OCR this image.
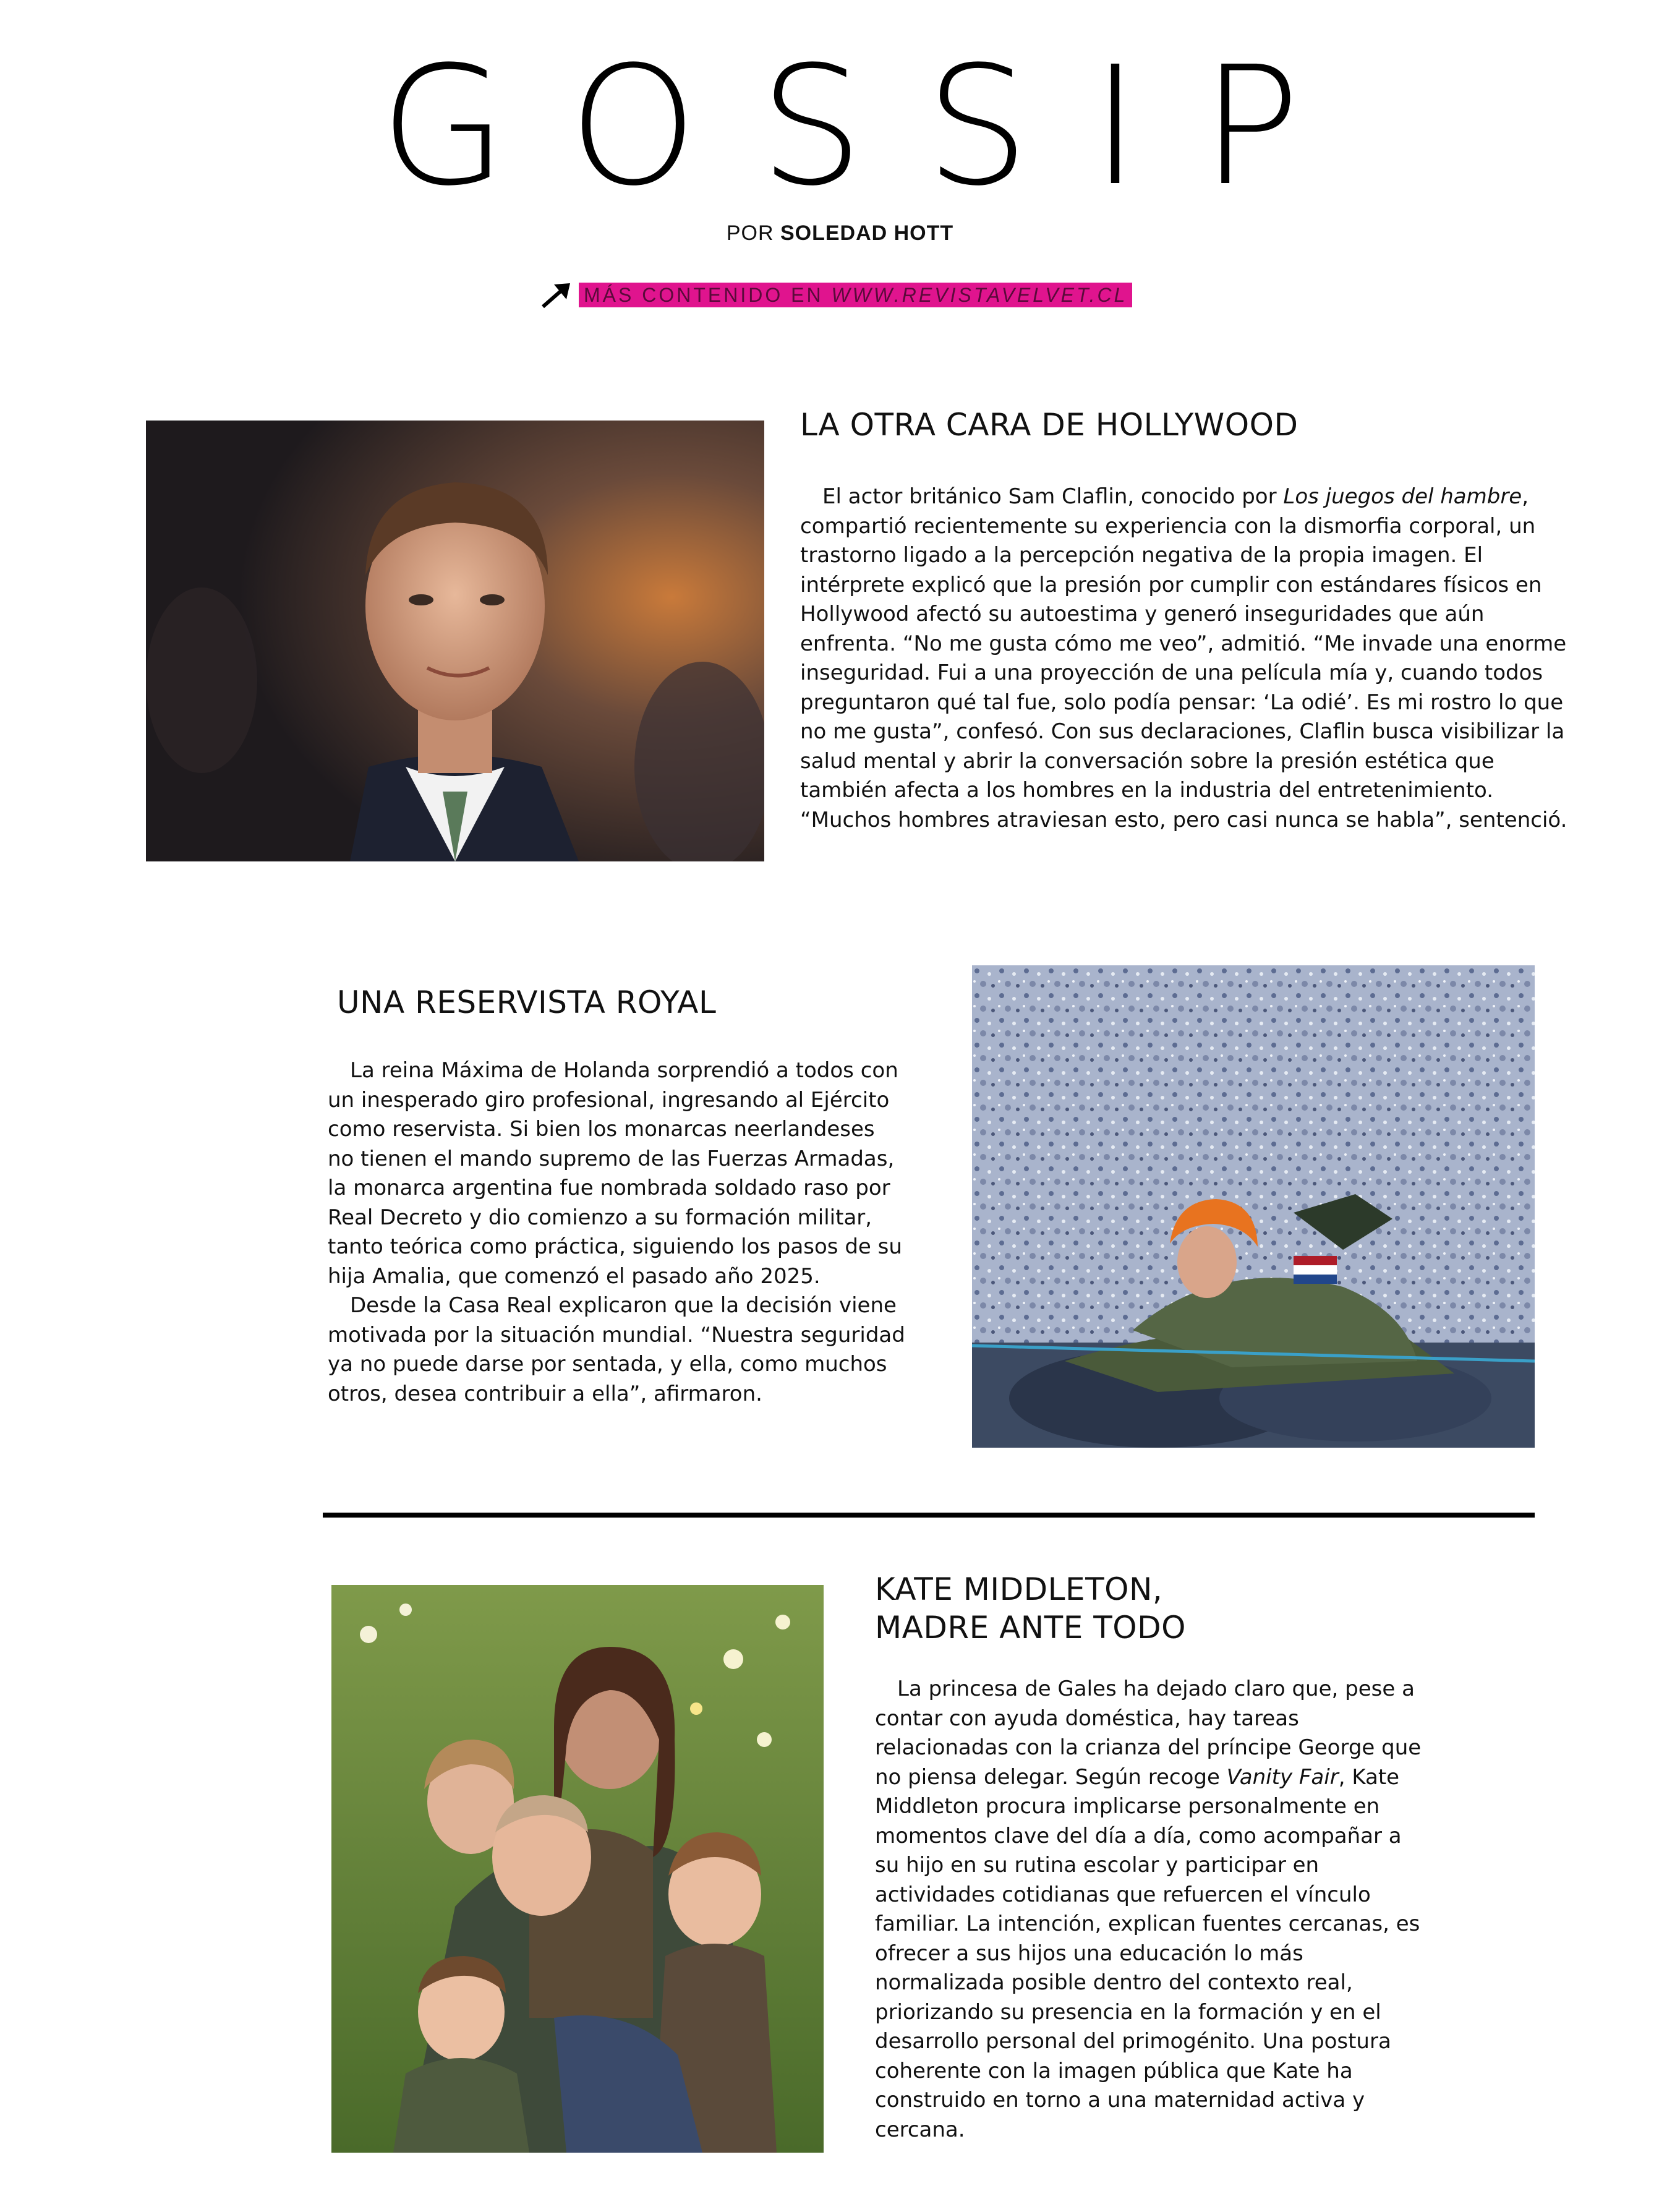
GOSSIP
POR SOLEDAD HOTT
MÁS CONTENIDO EN WWW.REVISTAVELVET.CL
LA OTRA CARA DE HOLLYWOOD

El actor británico Sam Claflin, conocido por Los juegos del hambre, compartió recientemente su experiencia con la dismorfia corporal, un trastorno ligado a la percepción negativa de la propia imagen. El intérprete explicó que la presión por cumplir con estándares físicos en Hollywood afectó su autoestima y generó inseguridades que aún enfrenta. “No me gusta cómo me veo”, admitió. “Me invade una enorme inseguridad. Fui a una proyección de una película mía y, cuando todos preguntaron qué tal fue, solo podía pensar: ‘La odié’. Es mi rostro lo que no me gusta”, confesó. Con sus declaraciones, Claflin busca visibilizar la salud mental y abrir la conversación sobre la presión estética que también afecta a los hombres en la industria del entretenimiento. “Muchos hombres atraviesan esto, pero casi nunca se habla”, sentenció.

UNA RESERVISTA ROYAL

La reina Máxima de Holanda sorprendió a todos con un inesperado giro profesional, ingresando al Ejército como reservista. Si bien los monarcas neerlandeses no tienen el mando supremo de las Fuerzas Armadas, la monarca argentina fue nombrada soldado raso por Real Decreto y dio comienzo a su formación militar, tanto teórica como práctica, siguiendo los pasos de su hija Amalia, que comenzó el pasado año 2025.

Desde la Casa Real explicaron que la decisión viene motivada por la situación mundial. “Nuestra seguridad ya no puede darse por sentada, y ella, como muchos otros, desea contribuir a ella”, afirmaron.

KATE MIDDLETON,
MADRE ANTE TODO

La princesa de Gales ha dejado claro que, pese a contar con ayuda doméstica, hay tareas relacionadas con la crianza del príncipe George que no piensa delegar. Según recoge Vanity Fair, Kate Middleton procura implicarse personalmente en momentos clave del día a día, como acompañar a su hijo en su rutina escolar y participar en actividades cotidianas que refuercen el vínculo familiar. La intención, explican fuentes cercanas, es ofrecer a sus hijos una educación lo más normalizada posible dentro del contexto real, priorizando su presencia en la formación y en el desarrollo personal del primogénito. Una postura coherente con la imagen pública que Kate ha construido en torno a una maternidad activa y cercana.
